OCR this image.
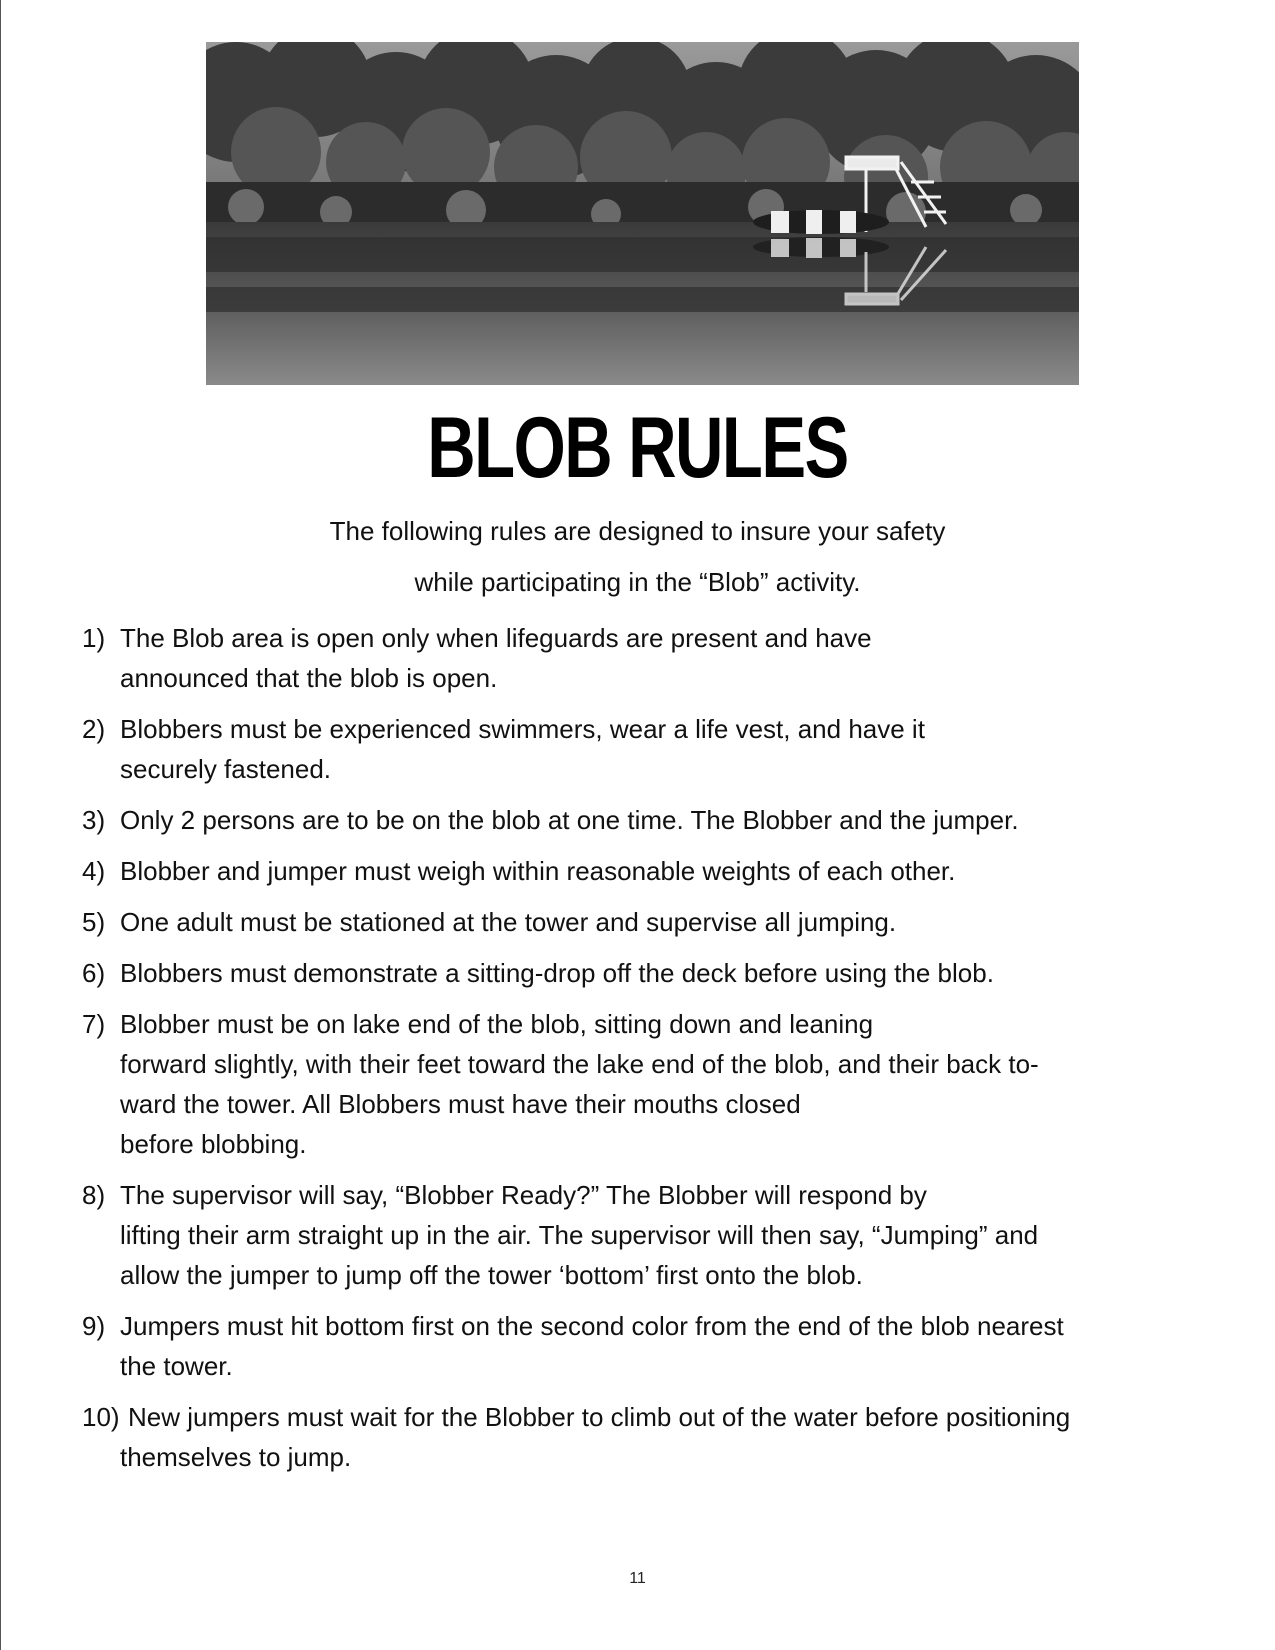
BLOB RULES
The following rules are designed to insure your safety
while participating in the “Blob” activity.
1) The Blob area is open only when lifeguards are present and have
announced that the blob is open.
2) Blobbers must be experienced swimmers, wear a life vest, and have it
securely fastened.
3) Only 2 persons are to be on the blob at one time. The Blobber and the jumper.
4) Blobber and jumper must weigh within reasonable weights of each other.
5) One adult must be stationed at the tower and supervise all jumping.
6) Blobbers must demonstrate a sitting-drop off the deck before using the blob.
7) Blobber must be on lake end of the blob, sitting down and leaning
forward slightly, with their feet toward the lake end of the blob, and their back to-
ward the tower. All Blobbers must have their mouths closed
before blobbing.
8) The supervisor will say, “Blobber Ready?” The Blobber will respond by
lifting their arm straight up in the air. The supervisor will then say, “Jumping” and
allow the jumper to jump off the tower ‘bottom’ first onto the blob.
9) Jumpers must hit bottom first on the second color from the end of the blob nearest
the tower.
10) New jumpers must wait for the Blobber to climb out of the water before positioning
themselves to jump.
11
